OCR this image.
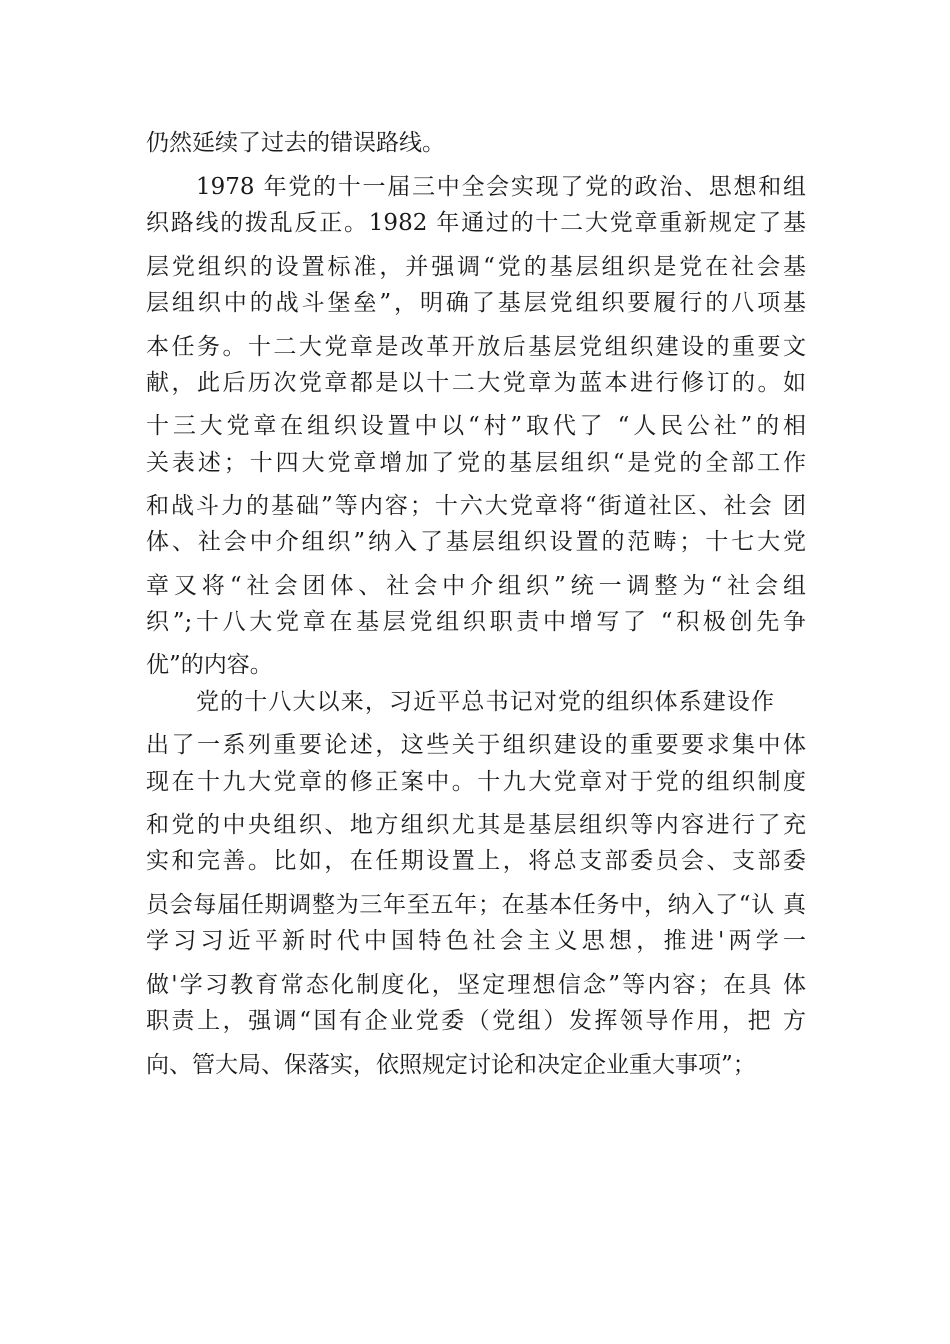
仍然延续了过去的错误路线。
1978 年党的十一届三中全会实现了党的政治、思想和组
织路线的拨乱反正。1982 年通过的十二大党章重新规定了基
层党组织的设置标准，并强调“党的基层组织是党在社会基
层组织中的战斗堡垒”，明确了基层党组织要履行的八项基
本任务。十二大党章是改革开放后基层党组织建设的重要文
献，此后历次党章都是以十二大党章为蓝本进行修订的。如
十三大党章在组织设置中以“村”取代了 “人民公社”的相
关表述；十四大党章增加了党的基层组织“是党的全部工作
和战斗力的基础”等内容；十六大党章将“街道社区、社会 团
体、社会中介组织”纳入了基层组织设置的范畴；十七大党
章又将“社会团体、社会中介组织”统一调整为“社会组
织”;十八大党章在基层党组织职责中增写了 “积极创先争
优”的内容。
党的十八大以来，习近平总书记对党的组织体系建设作
出了一系列重要论述，这些关于组织建设的重要要求集中体
现在十九大党章的修正案中。十九大党章对于党的组织制度
和党的中央组织、地方组织尤其是基层组织等内容进行了充
实和完善。比如，在任期设置上，将总支部委员会、支部委
员会每届任期调整为三年至五年；在基本任务中，纳入了“认 真
学习习近平新时代中国特色社会主义思想，推进'两学一
做'学习教育常态化制度化，坚定理想信念”等内容；在具 体
职责上，强调“国有企业党委（党组）发挥领导作用，把 方
向、管大局、保落实，依照规定讨论和决定企业重大事项”；
